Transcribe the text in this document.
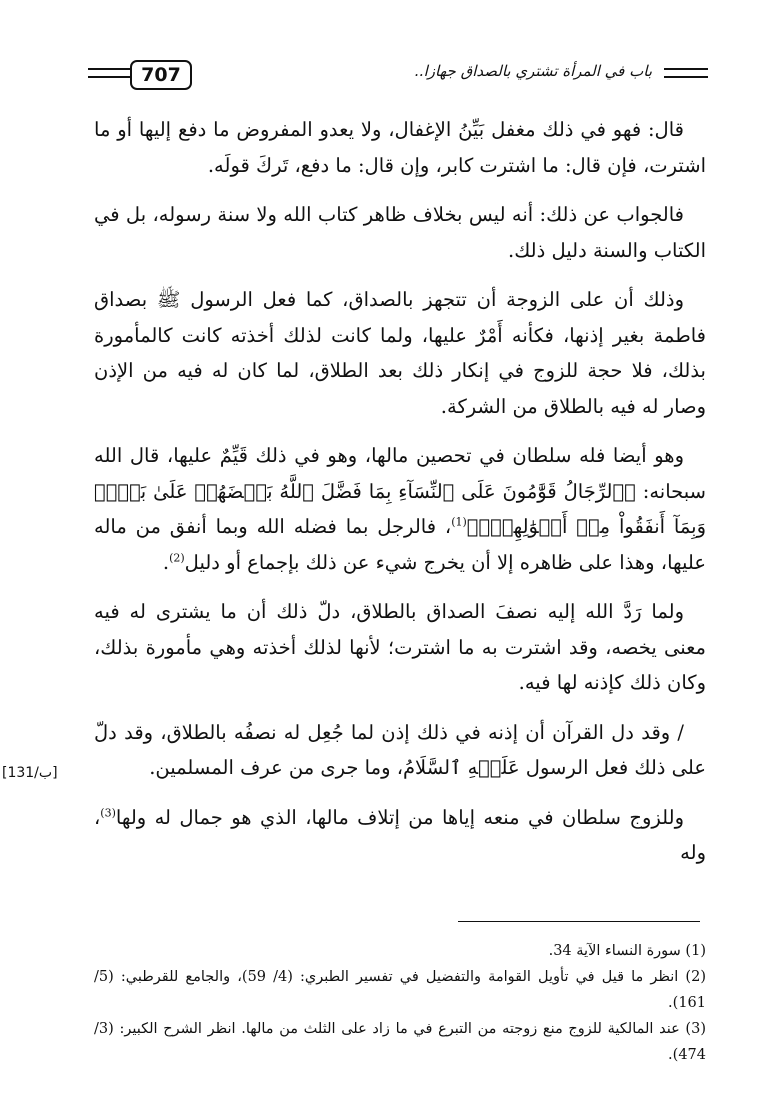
707	باب في المرأة تشتري بالصداق جهازا..
[131/ب]

قال: فهو في ذلك مغفل بَيِّنُ الإغفال، ولا يعدو المفروض ما دفع إليها أو ما اشترت، فإن قال: ما اشترت كابر، وإن قال: ما دفع، تَركَ قولَه.

فالجواب عن ذلك: أنه ليس بخلاف ظاهر كتاب الله ولا سنة رسوله، بل في الكتاب والسنة دليل ذلك.

وذلك أن على الزوجة أن تتجهز بالصداق، كما فعل الرسول ﷺ بصداق فاطمة بغير إذنها، فكأنه أَمْرٌ عليها، ولما كانت لذلك أخذته كانت كالمأمورة بذلك، فلا حجة للزوج في إنكار ذلك بعد الطلاق، لما كان له فيه من الإذن وصار له فيه بالطلاق من الشركة.

وهو أيضا فله سلطان في تحصين مالها، وهو في ذلك قَيِّمٌ عليها، قال الله سبحانه: ﴿ٱلرِّجَالُ قَوَّٰمُونَ عَلَى ٱلنِّسَآءِ بِمَا فَضَّلَ ٱللَّهُ بَعۡضَهُمۡ عَلَىٰ بَعۡضٖ وَبِمَآ أَنفَقُواْ مِنۡ أَمۡوَٰلِهِمۡۚ﴾$^{(1)}$، فالرجل بما فضله الله وبما أنفق من ماله عليها، وهذا على ظاهره إلا أن يخرج شيء عن ذلك بإجماع أو دليل$^{(2)}$.

ولما رَدَّ الله إليه نصفَ الصداق بالطلاق، دلّ ذلك أن ما يشترى له فيه معنى يخصه، وقد اشترت به ما اشترت؛ لأنها لذلك أخذته وهي مأمورة بذلك، وكان ذلك كإذنه لها فيه.

/ وقد دل القرآن أن إذنه في ذلك إذن لما جُعِل له نصفُه بالطلاق، وقد دلّ على ذلك فعل الرسول عَلَيۡهِ ٱلسَّلَامُ، وما جرى من عرف المسلمين.

وللزوج سلطان في منعه إياها من إتلاف مالها، الذي هو جمال له ولها$^{(3)}$، وله

(1) سورة النساء الآية 34.
(2) انظر ما قيل في تأويل القوامة والتفضيل في تفسير الطبري: (4/ 59)، والجامع للقرطبي: (5/ 161).
(3) عند المالكية للزوج منع زوجته من التبرع في ما زاد على الثلث من مالها. انظر الشرح الكبير: (3/ 474).
